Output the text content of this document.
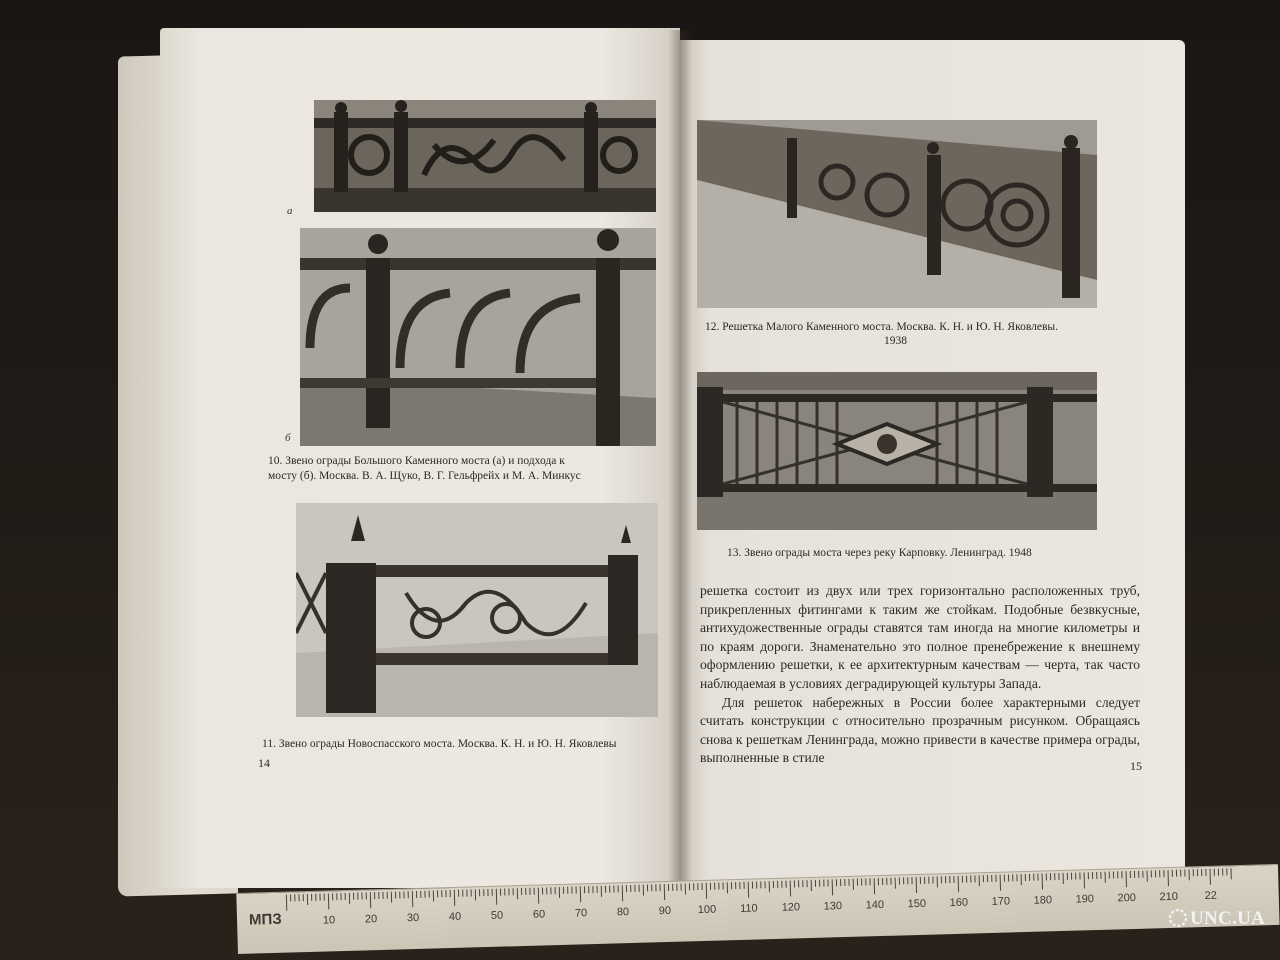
а
б
10. Звено ограды Большого Каменного моста (а) и подхода к
мосту (б). Москва. В. А. Щуко, В. Г. Гельфрейх и М. А. Минкус
11. Звено ограды Новоспасского моста. Москва. К. Н. и Ю. Н. Яковлевы
14
12. Решетка Малого Каменного моста. Москва. К. Н. и Ю. Н. Яковлевы.
1938
13. Звено ограды моста через реку Карповку. Ленинград. 1948

решетка состоит из двух или трех горизонтально расположенных труб, прикрепленных фитингами к таким же стойкам. Подобные безвкусные, антихудожественные ограды ставятся там иногда на многие километры и по краям дороги. Знаменательно это полное пренебрежение к внешнему оформлению решетки, к ее архитектурным качествам — черта, так часто наблюдаемая в условиях деградирующей культуры Запада.

Для решеток набережных в России более характерными следует считать конструкции с относительно прозрачным рисунком. Обращаясь снова к решеткам Ленинграда, можно привести в качестве примера ограды, выполненные в стиле

15
10	20	30	40	50	60	70	80	90 100 110 120 130 140 150 160 170 180 190 200 210 22
МПЗ	UNC.UA
